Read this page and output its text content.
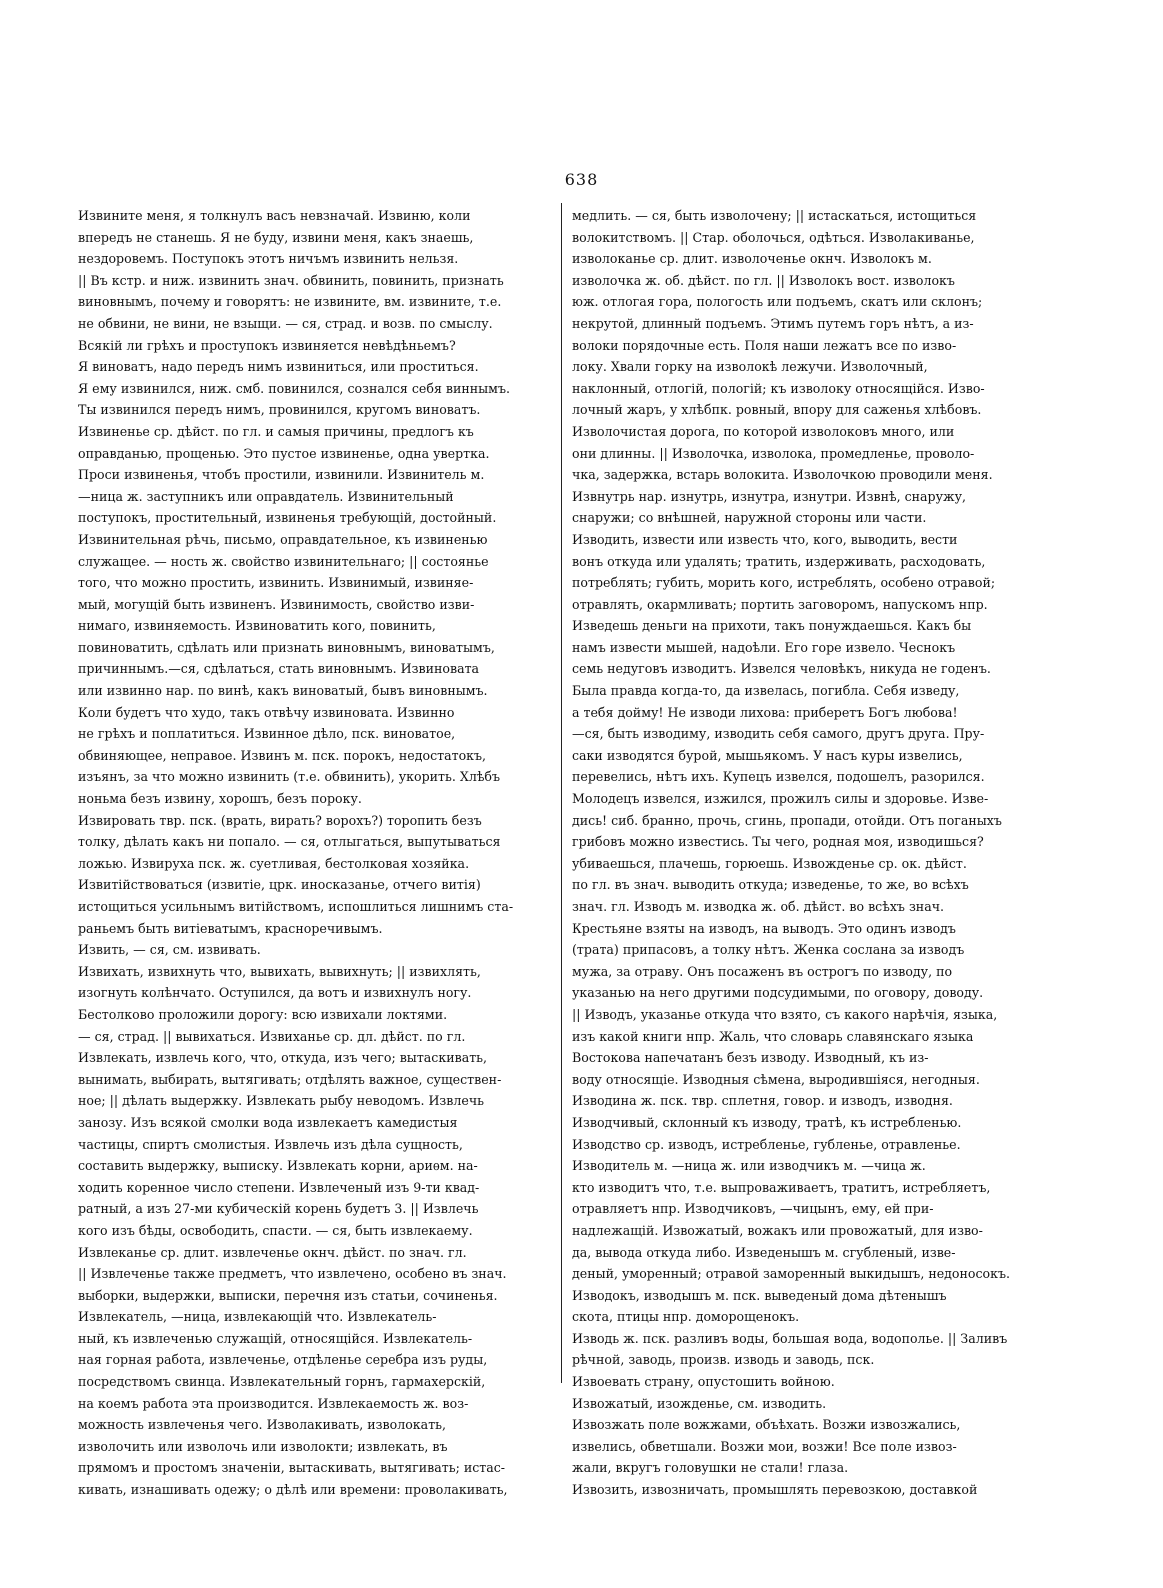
638
Извините меня, я толкнулъ васъ невзначай. Извиню, коли
впередъ не станешь. Я не буду, извини меня, какъ знаешь,
нездоровемъ. Поступокъ этотъ ничъмъ извинить нельзя.
|| Въ кстр. и ниж. извинить знач. обвинить, повинить, признать
виновнымъ, почему и говорятъ: не извините, вм. извините, т.е.
не обвини, не вини, не взыщи. — ся, страд. и возв. по смыслу.
Всякій ли грѣхъ и проступокъ извиняется невѣдѣньемъ?
Я виноватъ, надо передъ нимъ извиниться, или проститься.
Я ему извинился, ниж. смб. повинился, сознался себя виннымъ.
Ты извинился передъ нимъ, провинился, кругомъ виноватъ.
Извиненье ср. дѣйст. по гл. и самыя причины, предлогъ къ
оправданью, прощенью. Это пустое извиненье, одна увертка.
Проси извиненья, чтобъ простили, извинили. Извинитель м.
—ница ж. заступникъ или оправдатель. Извинительный
поступокъ, простительный, извиненья требующій, достойный.
Извинительная рѣчь, письмо, оправдательное, къ извиненью
служащее. — ность ж. свойство извинительнаго; || состоянье
того, что можно простить, извинить. Извинимый, извиняе-
мый, могущій быть извиненъ. Извинимость, свойство изви-
нимаго, извиняемость. Извиноватить кого, повинить,
повиноватить, сдѣлать или признать виновнымъ, виноватымъ,
причиннымъ.—ся, сдѣлаться, стать виновнымъ. Извиновата
или извинно нар. по винѣ, какъ виноватый, бывъ виновнымъ.
Коли будетъ что худо, такъ отвѣчу извиновата. Извинно
не грѣхъ и поплатиться. Извинное дѣло, пск. виноватое,
обвиняющее, неправое. Извинъ м. пск. порокъ, недостатокъ,
изъянъ, за что можно извинить (т.е. обвинить), укорить. Хлѣбъ
ноньма безъ извину, хорошъ, безъ пороку.
Извировать твр. пск. (врать, вирать? ворохъ?) торопить безъ
толку, дѣлать какъ ни попало. — ся, отлыгаться, выпутываться
ложью. Извируха пск. ж. суетливая, бестолковая хозяйка.
Извитійствоваться (извитіе, црк. иносказанье, отчего витія)
истощиться усильнымъ витійствомъ, испошлиться лишнимъ ста-
раньемъ быть витіеватымъ, красноречивымъ.
Извить, — ся, см. извивать.
Извихать, извихнуть что, вывихать, вывихнуть; || извихлять,
изогнуть колѣнчато. Оступился, да вотъ и извихнулъ ногу.
Бестолково проложили дорогу: всю извихали локтями.
— ся, страд. || вывихаться. Извиханье ср. дл. дѣйст. по гл.
Извлекать, извлечь кого, что, откуда, изъ чего; вытаскивать,
вынимать, выбирать, вытягивать; отдѣлять важное, существен-
ное; || дѣлать выдержку. Извлекать рыбу неводомъ. Извлечь
занозу. Изъ всякой смолки вода извлекаетъ камедистыя
частицы, спиртъ смолистыя. Извлечь изъ дѣла сущность,
составить выдержку, выписку. Извлекать корни, ариѳм. на-
ходить коренное число степени. Извлеченый изъ 9-ти квад-
ратный, а изъ 27-ми кубическій корень будетъ 3. || Извлечь
кого изъ бѣды, освободить, спасти. — ся, быть извлекаему.
Извлеканье ср. длит. извлеченье окнч. дѣйст. по знач. гл.
|| Извлеченье также предметъ, что извлечено, особено въ знач.
выборки, выдержки, выписки, перечня изъ статьи, сочиненья.
Извлекатель, —ница, извлекающій что. Извлекатель-
ный, къ извлеченью служащій, относящійся. Извлекатель-
ная горная работа, извлеченье, отдѣленье серебра изъ руды,
посредствомъ свинца. Извлекательный горнъ, гармахерскій,
на коемъ работа эта производится. Извлекаемость ж. воз-
можность извлеченья чего. Изволакивать, изволокать,
изволочить или изволочь или изволокти; извлекать, въ
прямомъ и простомъ значеніи, вытаскивать, вытягивать; истас-
кивать, изнашивать одежу; о дѣлѣ или времени: проволакивать,
медлить. — ся, быть изволочену; || истаскаться, истощиться
волокитствомъ. || Стар. оболочься, одѣться. Изволакиванье,
изволоканье ср. длит. изволоченье окнч. Изволокъ м.
изволочка ж. об. дѣйст. по гл. || Изволокъ вост. изволокъ
юж. отлогая гора, пологость или подъемъ, скатъ или склонъ;
некрутой, длинный подъемъ. Этимъ путемъ горъ нѣтъ, а из-
волоки порядочные есть. Поля наши лежатъ все по изво-
локу. Хвали горку на изволокѣ лежучи. Изволочный,
наклонный, отлогій, пологій; къ изволоку относящійся. Изво-
лочный жаръ, у хлѣбпк. ровный, впору для саженья хлѣбовъ.
Изволочистая дорога, по которой изволоковъ много, или
они длинны. || Изволочка, изволока, промедленье, проволо-
чка, задержка, встарь волокита. Изволочкою проводили меня.
Извнутрь нар. изнутрь, изнутра, изнутри. Извнѣ, снаружу,
снаружи; со внѣшней, наружной стороны или части.
Изводить, извести или известь что, кого, выводить, вести
вонъ откуда или удалять; тратить, издерживать, расходовать,
потреблять; губить, морить кого, истреблять, особено отравой;
отравлять, окармливать; портить заговоромъ, напускомъ нпр.
Изведешь деньги на прихоти, такъ понуждаешься. Какъ бы
намъ извести мышей, надоѣли. Его горе извело. Чеснокъ
семь недуговъ изводитъ. Извелся человѣкъ, никуда не годенъ.
Была правда когда-то, да извелась, погибла. Себя изведу,
а тебя дойму! Не изводи лихова: приберетъ Богъ любова!
—ся, быть изводиму, изводить себя самого, другъ друга. Пру-
саки изводятся бурой, мышьякомъ. У насъ куры извелись,
перевелись, нѣтъ ихъ. Купецъ извелся, подошелъ, разорился.
Молодецъ извелся, изжился, прожилъ силы и здоровье. Изве-
дись! сиб. бранно, прочь, сгинь, пропади, отойди. Отъ поганыхъ
грибовъ можно известись. Ты чего, родная моя, изводишься?
убиваешься, плачешь, горюешь. Извожденье ср. ок. дѣйст.
по гл. въ знач. выводить откуда; изведенье, то же, во всѣхъ
знач. гл. Изводъ м. изводка ж. об. дѣйст. во всѣхъ знач.
Крестьяне взяты на изводъ, на выводъ. Это одинъ изводъ
(трата) припасовъ, а толку нѣтъ. Женка сослана за изводъ
мужа, за отраву. Онъ посаженъ въ острогъ по изводу, по
указанью на него другими подсудимыми, по оговору, доводу.
|| Изводъ, указанье откуда что взято, съ какого нарѣчія, языка,
изъ какой книги нпр. Жаль, что словарь славянскаго языка
Востокова напечатанъ безъ изводу. Изводный, къ из-
воду относящіе. Изводныя сѣмена, выродившіяся, негодныя.
Изводина ж. пск. твр. сплетня, говор. и изводъ, изводня.
Изводчивый, склонный къ изводу, тратѣ, къ истребленью.
Изводство ср. изводъ, истребленье, губленье, отравленье.
Изводитель м. —ница ж. или изводчикъ м. —чица ж.
кто изводитъ что, т.е. выпроваживаетъ, тратитъ, истребляетъ,
отравляетъ нпр. Изводчиковъ, —чицынъ, ему, ей при-
надлежащій. Извожатый, вожакъ или провожатый, для изво-
да, вывода откуда либо. Изведенышъ м. сгубленый, изве-
деный, уморенный; отравой заморенный выкидышъ, недоносокъ.
Изводокъ, изводышъ м. пск. выведеный дома дѣтенышъ
скота, птицы нпр. доморощенокъ.
Изводь ж. пск. разливъ воды, большая вода, водополье. || Заливъ
рѣчной, заводь, произв. изводь и заводь, пск.
Извоевать страну, опустошить войною.
Извожатый, изожденье, см. изводить.
Извозжать поле вожжами, объѣхать. Возжи извозжались,
извелись, обветшали. Возжи мои, возжи! Все поле извоз-
жали, вкругъ головушки не стали! глаза.
Извозить, извозничать, промышлять перевозкою, доставкой
